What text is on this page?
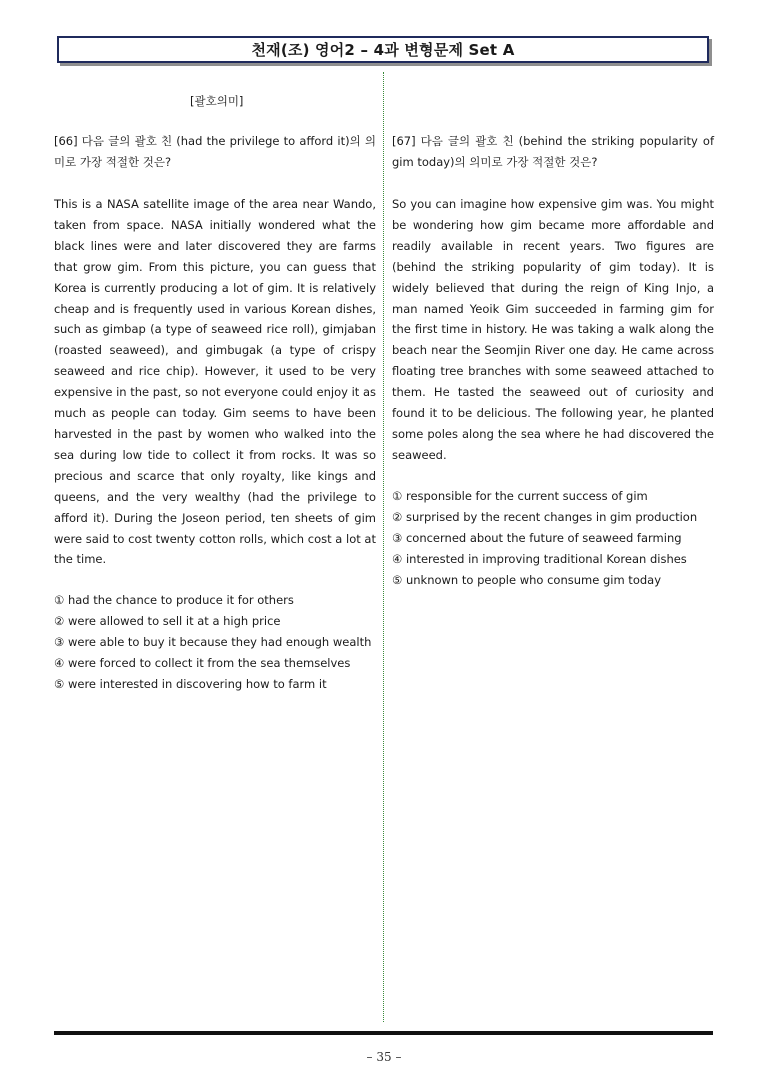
천재(조) 영어2 – 4과 변형문제 Set A
[괄호의미]
[66] 다음 글의 괄호 친 (had the privilege to afford it)의 의미로 가장 적절한 것은?
This is a NASA satellite image of the area near Wando, taken from space. NASA initially wondered what the black lines were and later discovered they are farms that grow gim. From this picture, you can guess that Korea is currently producing a lot of gim. It is relatively cheap and is frequently used in various Korean dishes, such as gimbap (a type of seaweed rice roll), gimjaban (roasted seaweed), and gimbugak (a type of crispy seaweed and rice chip). However, it used to be very expensive in the past, so not everyone could enjoy it as much as people can today. Gim seems to have been harvested in the past by women who walked into the sea during low tide to collect it from rocks. It was so precious and scarce that only royalty, like kings and queens, and the very wealthy (had the privilege to afford it). During the Joseon period, ten sheets of gim were said to cost twenty cotton rolls, which cost a lot at the time.
① had the chance to produce it for others
② were allowed to sell it at a high price
③ were able to buy it because they had enough wealth
④ were forced to collect it from the sea themselves
⑤ were interested in discovering how to farm it
[67] 다음 글의 괄호 친 (behind the striking popularity of gim today)의 의미로 가장 적절한 것은?
So you can imagine how expensive gim was. You might be wondering how gim became more affordable and readily available in recent years. Two figures are (behind the striking popularity of gim today). It is widely believed that during the reign of King Injo, a man named Yeoik Gim succeeded in farming gim for the first time in history. He was taking a walk along the beach near the Seomjin River one day. He came across floating tree branches with some seaweed attached to them. He tasted the seaweed out of curiosity and found it to be delicious. The following year, he planted some poles along the sea where he had discovered the seaweed.
① responsible for the current success of gim
② surprised by the recent changes in gim production
③ concerned about the future of seaweed farming
④ interested in improving traditional Korean dishes
⑤ unknown to people who consume gim today
– 35 –
